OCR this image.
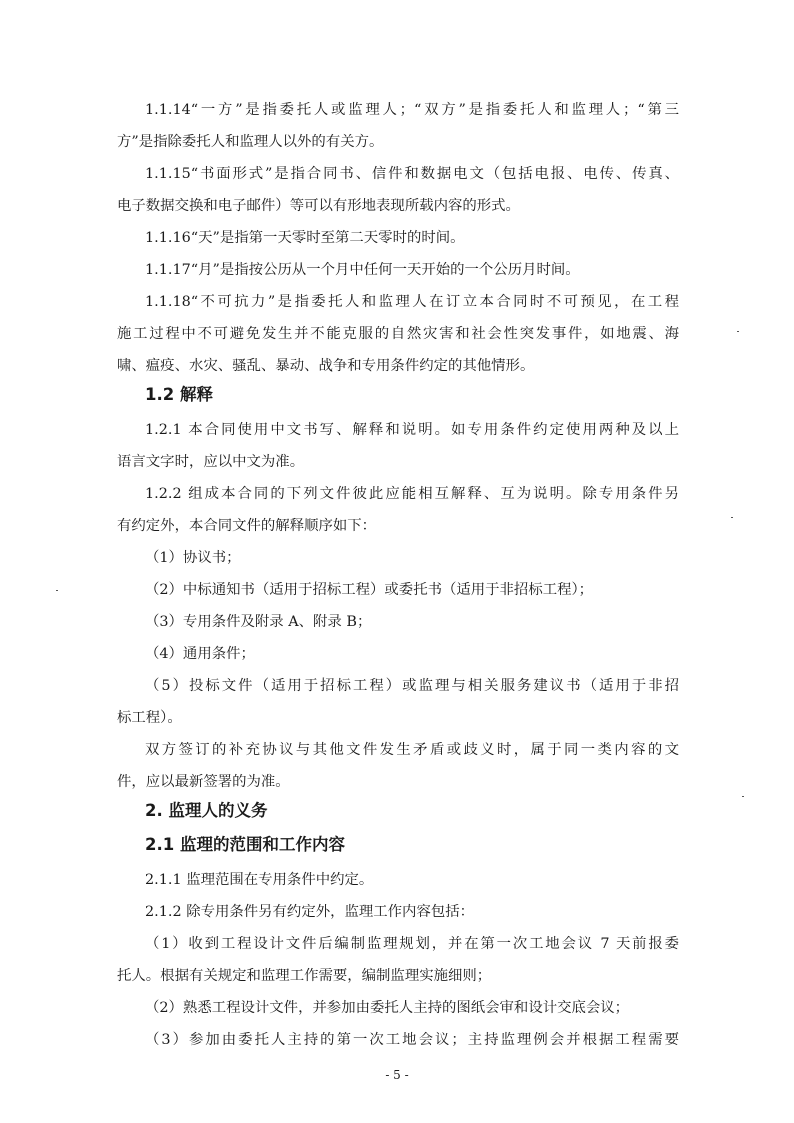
1.1.14“一方”是指委托人或监理人；“双方”是指委托人和监理人；“第三
方”是指除委托人和监理人以外的有关方。
1.1.15“书面形式”是指合同书、信件和数据电文（包括电报、电传、传真、
电子数据交换和电子邮件）等可以有形地表现所载内容的形式。
1.1.16“天”是指第一天零时至第二天零时的时间。
1.1.17“月”是指按公历从一个月中任何一天开始的一个公历月时间。
1.1.18“不可抗力”是指委托人和监理人在订立本合同时不可预见，在工程
施工过程中不可避免发生并不能克服的自然灾害和社会性突发事件，如地震、海
啸、瘟疫、水灾、骚乱、暴动、战争和专用条件约定的其他情形。
1.2 解释
1.2.1 本合同使用中文书写、解释和说明。如专用条件约定使用两种及以上
语言文字时，应以中文为准。
1.2.2 组成本合同的下列文件彼此应能相互解释、互为说明。除专用条件另
有约定外，本合同文件的解释顺序如下：
（1）协议书；
（2）中标通知书（适用于招标工程）或委托书（适用于非招标工程）；
（3）专用条件及附录 A、附录 B；
（4）通用条件；
（5）投标文件（适用于招标工程）或监理与相关服务建议书（适用于非招
标工程）。
双方签订的补充协议与其他文件发生矛盾或歧义时，属于同一类内容的文
件，应以最新签署的为准。
2. 监理人的义务
2.1 监理的范围和工作内容
2.1.1 监理范围在专用条件中约定。
2.1.2 除专用条件另有约定外，监理工作内容包括：
（1）收到工程设计文件后编制监理规划，并在第一次工地会议 7 天前报委
托人。根据有关规定和监理工作需要，编制监理实施细则；
（2）熟悉工程设计文件，并参加由委托人主持的图纸会审和设计交底会议；
（3）参加由委托人主持的第一次工地会议；主持监理例会并根据工程需要
- 5 -
